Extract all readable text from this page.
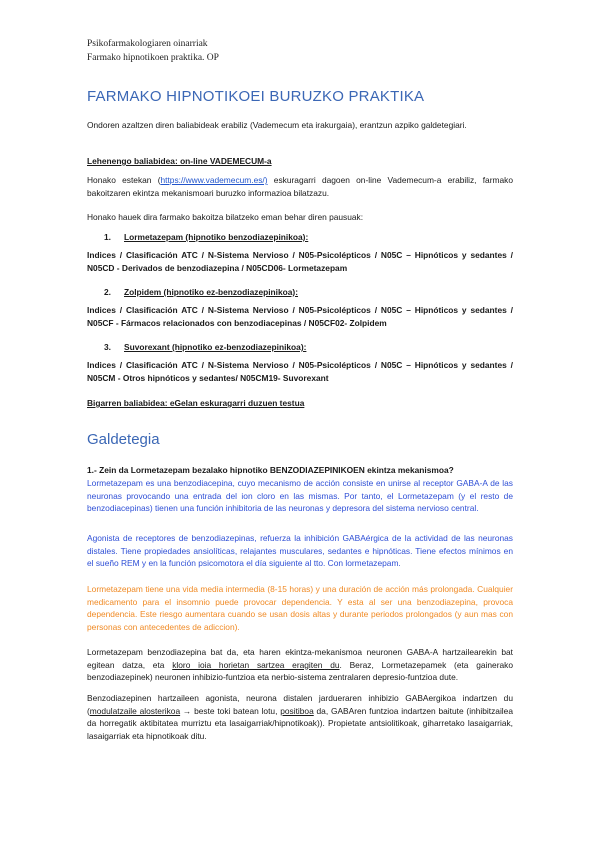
Psikofarmakologiaren oinarriak
Farmako hipnotikoen praktika. OP
FARMAKO HIPNOTIKOEI BURUZKO PRAKTIKA

Ondoren azaltzen diren baliabideak erabiliz (Vademecum eta irakurgaia), erantzun azpiko galdetegiari.

Lehenengo baliabidea: on-line VADEMECUM-a

Honako estekan (https://www.vademecum.es/) eskuragarri dagoen on-line Vademecum-a erabiliz, farmako bakoitzaren ekintza mekanismoari buruzko informazioa bilatzazu.

Honako hauek dira farmako bakoitza bilatzeko eman behar diren pausuak:

1. Lormetazepam (hipnotiko benzodiazepinikoa):

Indices / Clasificación ATC / N-Sistema Nervioso / N05-Psicolépticos / N05C – Hipnóticos y sedantes / N05CD - Derivados de benzodiazepina / N05CD06- Lormetazepam

2. Zolpidem (hipnotiko ez-benzodiazepinikoa):

Indices / Clasificación ATC / N-Sistema Nervioso / N05-Psicolépticos / N05C – Hipnóticos y sedantes / N05CF - Fármacos relacionados con benzodiacepinas / N05CF02- Zolpidem

3. Suvorexant (hipnotiko ez-benzodiazepinikoa):

Indices / Clasificación ATC / N-Sistema Nervioso / N05-Psicolépticos / N05C – Hipnóticos y sedantes / N05CM - Otros hipnóticos y sedantes/ N05CM19- Suvorexant

Bigarren baliabidea: eGelan eskuragarri duzuen testua

Galdetegia

1.- Zein da Lormetazepam bezalako hipnotiko BENZODIAZEPINIKOEN ekintza mekanismoa?

Lormetazepam es una benzodiacepina, cuyo mecanismo de acción consiste en unirse al receptor GABA-A de las neuronas provocando una entrada del ion cloro en las mismas. Por tanto, el Lormetazepam (y el resto de benzodiacepinas) tienen una función inhibitoria de las neuronas y depresora del sistema nervioso central.

Agonista de receptores de benzodiazepinas, refuerza la inhibición GABAérgica de la actividad de las neuronas distales. Tiene propiedades ansiolíticas, relajantes musculares, sedantes e hipnóticas. Tiene efectos mínimos en el sueño REM y en la función psicomotora el día siguiente al tto. Con lormetazepam.

Lormetazepam tiene una vida media intermedia (8-15 horas) y una duración de acción más prolongada. Cualquier medicamento para el insomnio puede provocar dependencia. Y esta al ser una benzodiazepina, provoca dependencia. Este riesgo aumentara cuando se usan dosis altas y durante periodos prolongados (y aun mas con personas con antecedentes de adiccion).

Lormetazepam benzodiazepina bat da, eta haren ekintza-mekanismoa neuronen GABA-A hartzailearekin bat egitean datza, eta kloro ioia horietan sartzea eragiten du. Beraz, Lormetazepamek (eta gainerako benzodiazepinek) neuronen inhibizio-funtzioa eta nerbio-sistema zentralaren depresio-funtzioa dute.

Benzodiazepinen hartzaileen agonista, neurona distalen jardueraren inhibizio GABAergikoa indartzen du (modulatzaile alosterikoa → beste toki batean lotu, positiboa da, GABAren funtzioa indartzen baitute (inhibitzailea da horregatik aktibitatea murriztu eta lasaigarriak/hipnotikoak)). Propietate antsiolitikoak, giharretako lasaigarriak, lasaigarriak eta hipnotikoak ditu.
